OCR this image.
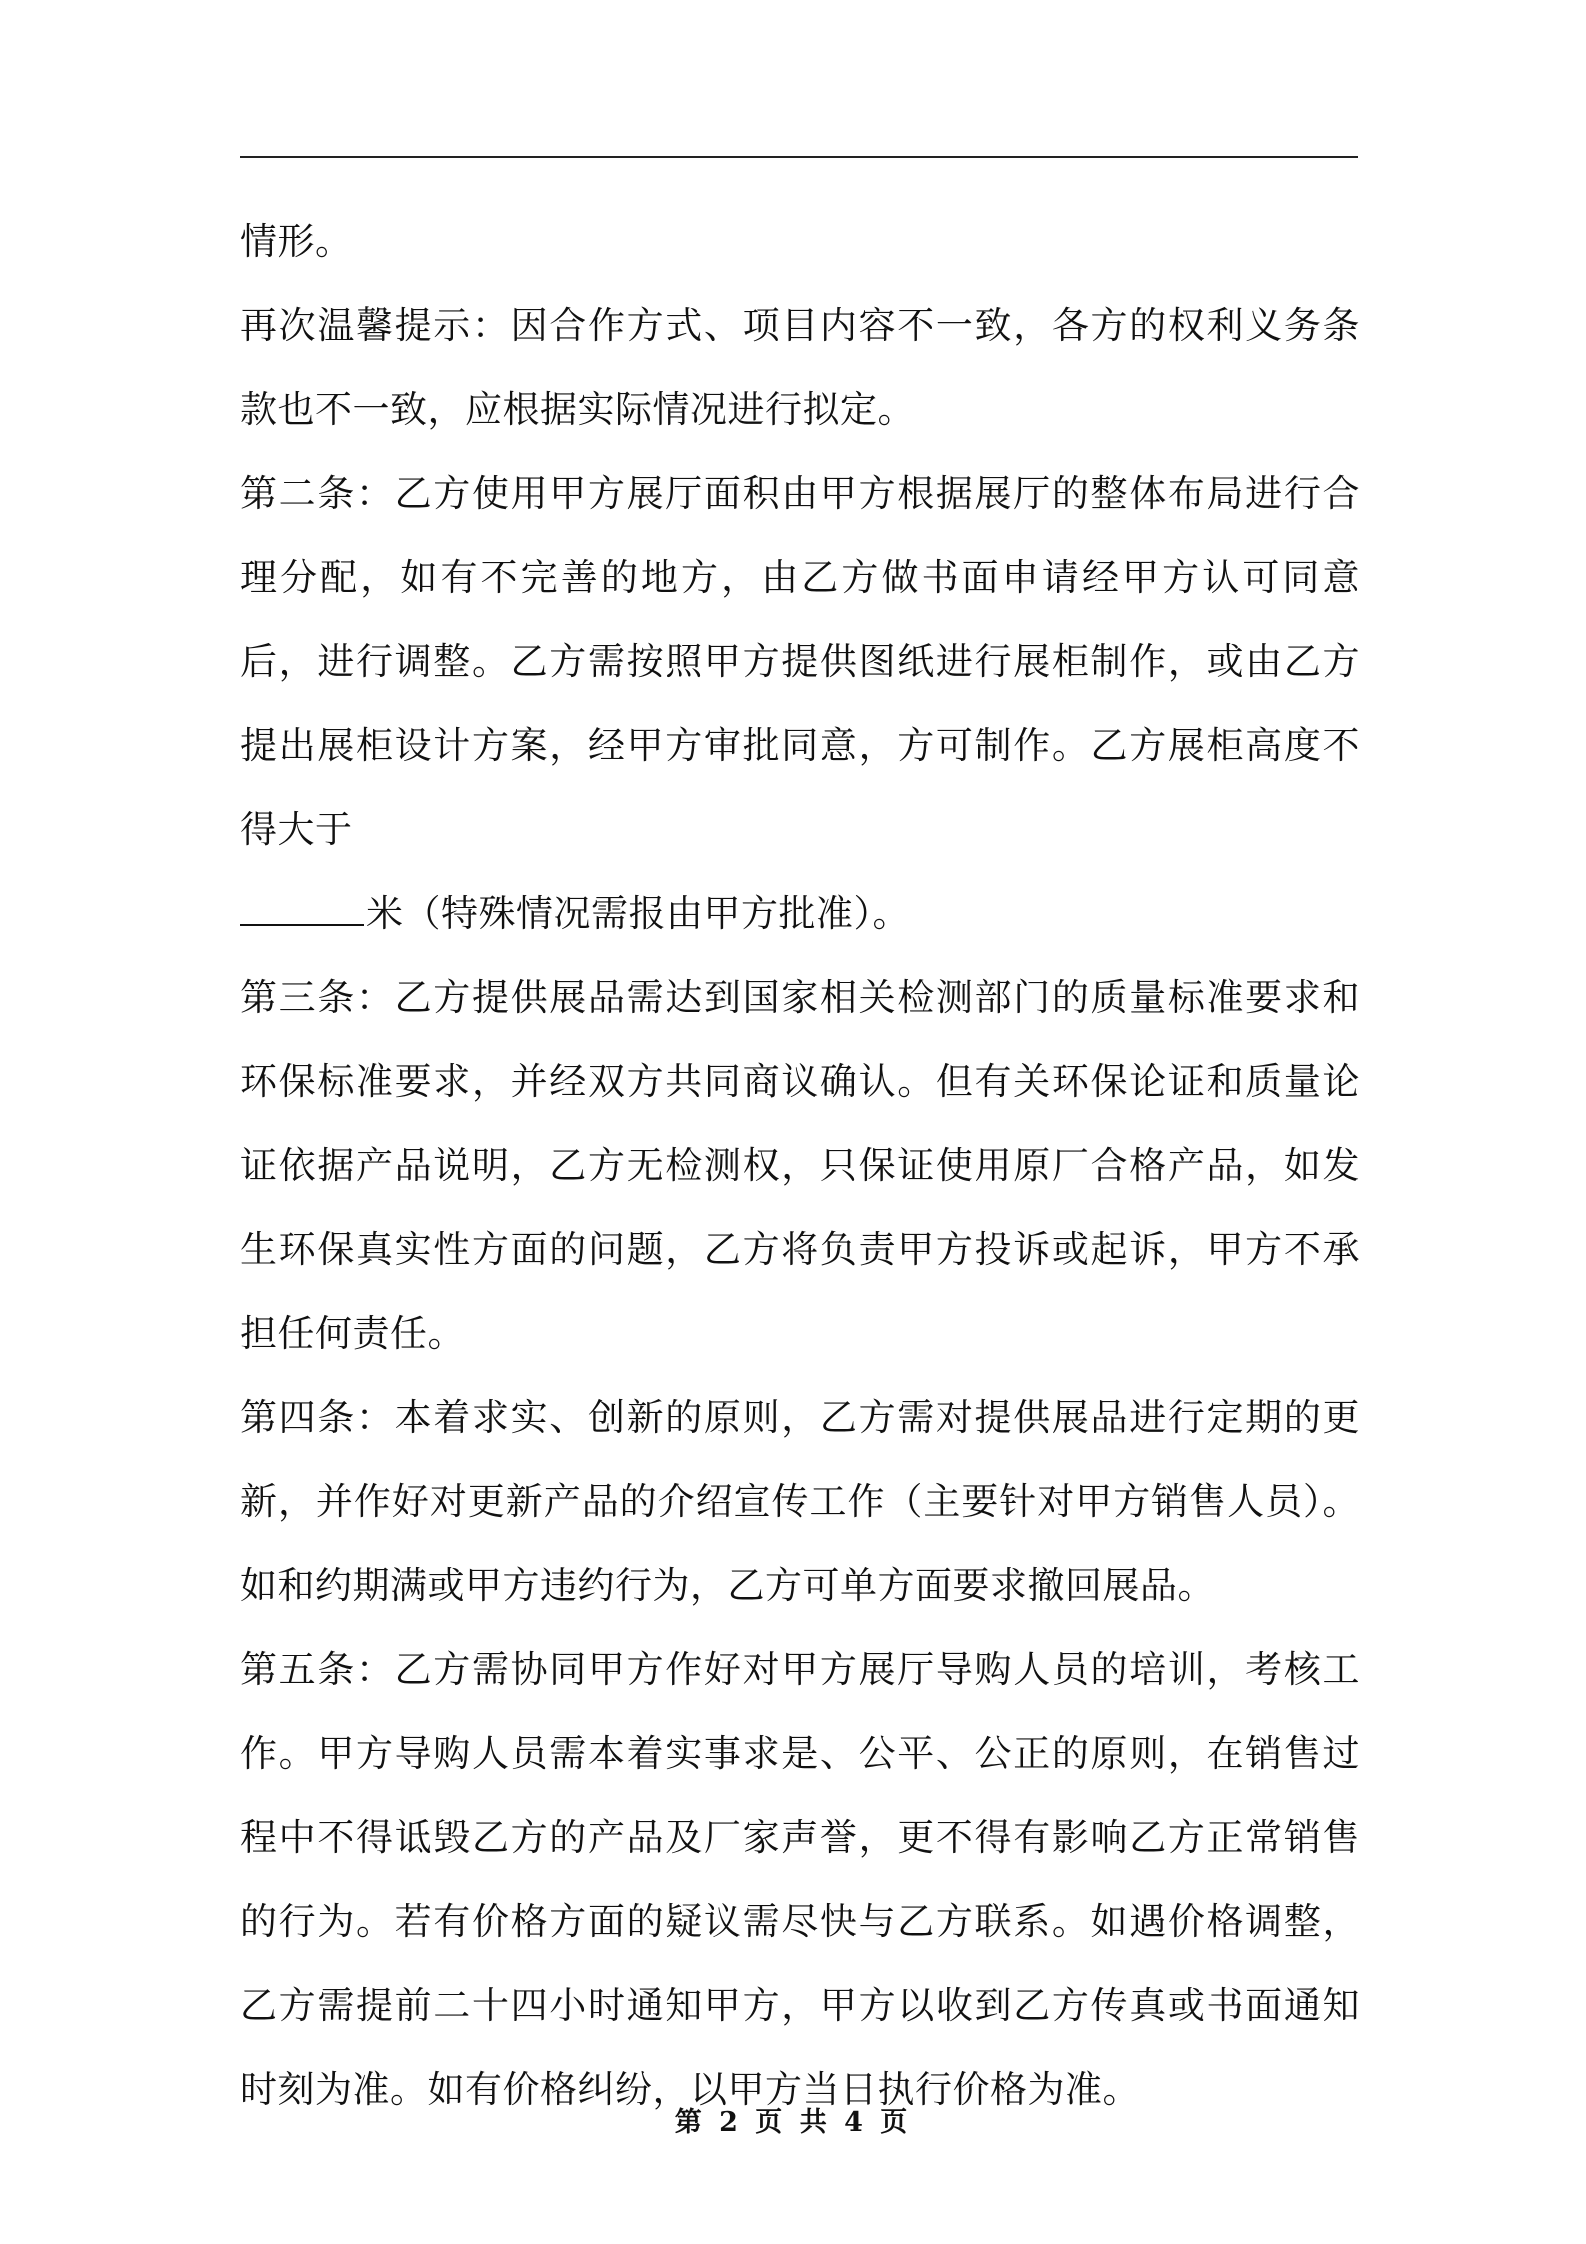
情形。

再次温馨提示：因合作方式、项目内容不一致，各方的权利义务条款也不一致，应根据实际情况进行拟定。

第二条：乙方使用甲方展厅面积由甲方根据展厅的整体布局进行合理分配，如有不完善的地方，由乙方做书面申请经甲方认可同意后，进行调整。乙方需按照甲方提供图纸进行展柜制作，或由乙方提出展柜设计方案，经甲方审批同意，方可制作。乙方展柜高度不得大于

米（特殊情况需报由甲方批准）。

第三条：乙方提供展品需达到国家相关检测部门的质量标准要求和环保标准要求，并经双方共同商议确认。但有关环保论证和质量论证依据产品说明，乙方无检测权，只保证使用原厂合格产品，如发生环保真实性方面的问题，乙方将负责甲方投诉或起诉，甲方不承担任何责任。

第四条：本着求实、创新的原则，乙方需对提供展品进行定期的更新，并作好对更新产品的介绍宣传工作（主要针对甲方销售人员）。如和约期满或甲方违约行为，乙方可单方面要求撤回展品。

第五条：乙方需协同甲方作好对甲方展厅导购人员的培训，考核工作。甲方导购人员需本着实事求是、公平、公正的原则，在销售过程中不得诋毁乙方的产品及厂家声誉，更不得有影响乙方正常销售的行为。若有价格方面的疑议需尽快与乙方联系。如遇价格调整，乙方需提前二十四小时通知甲方，甲方以收到乙方传真或书面通知时刻为准。如有价格纠纷，以甲方当日执行价格为准。

第 2 页 共 4 页
